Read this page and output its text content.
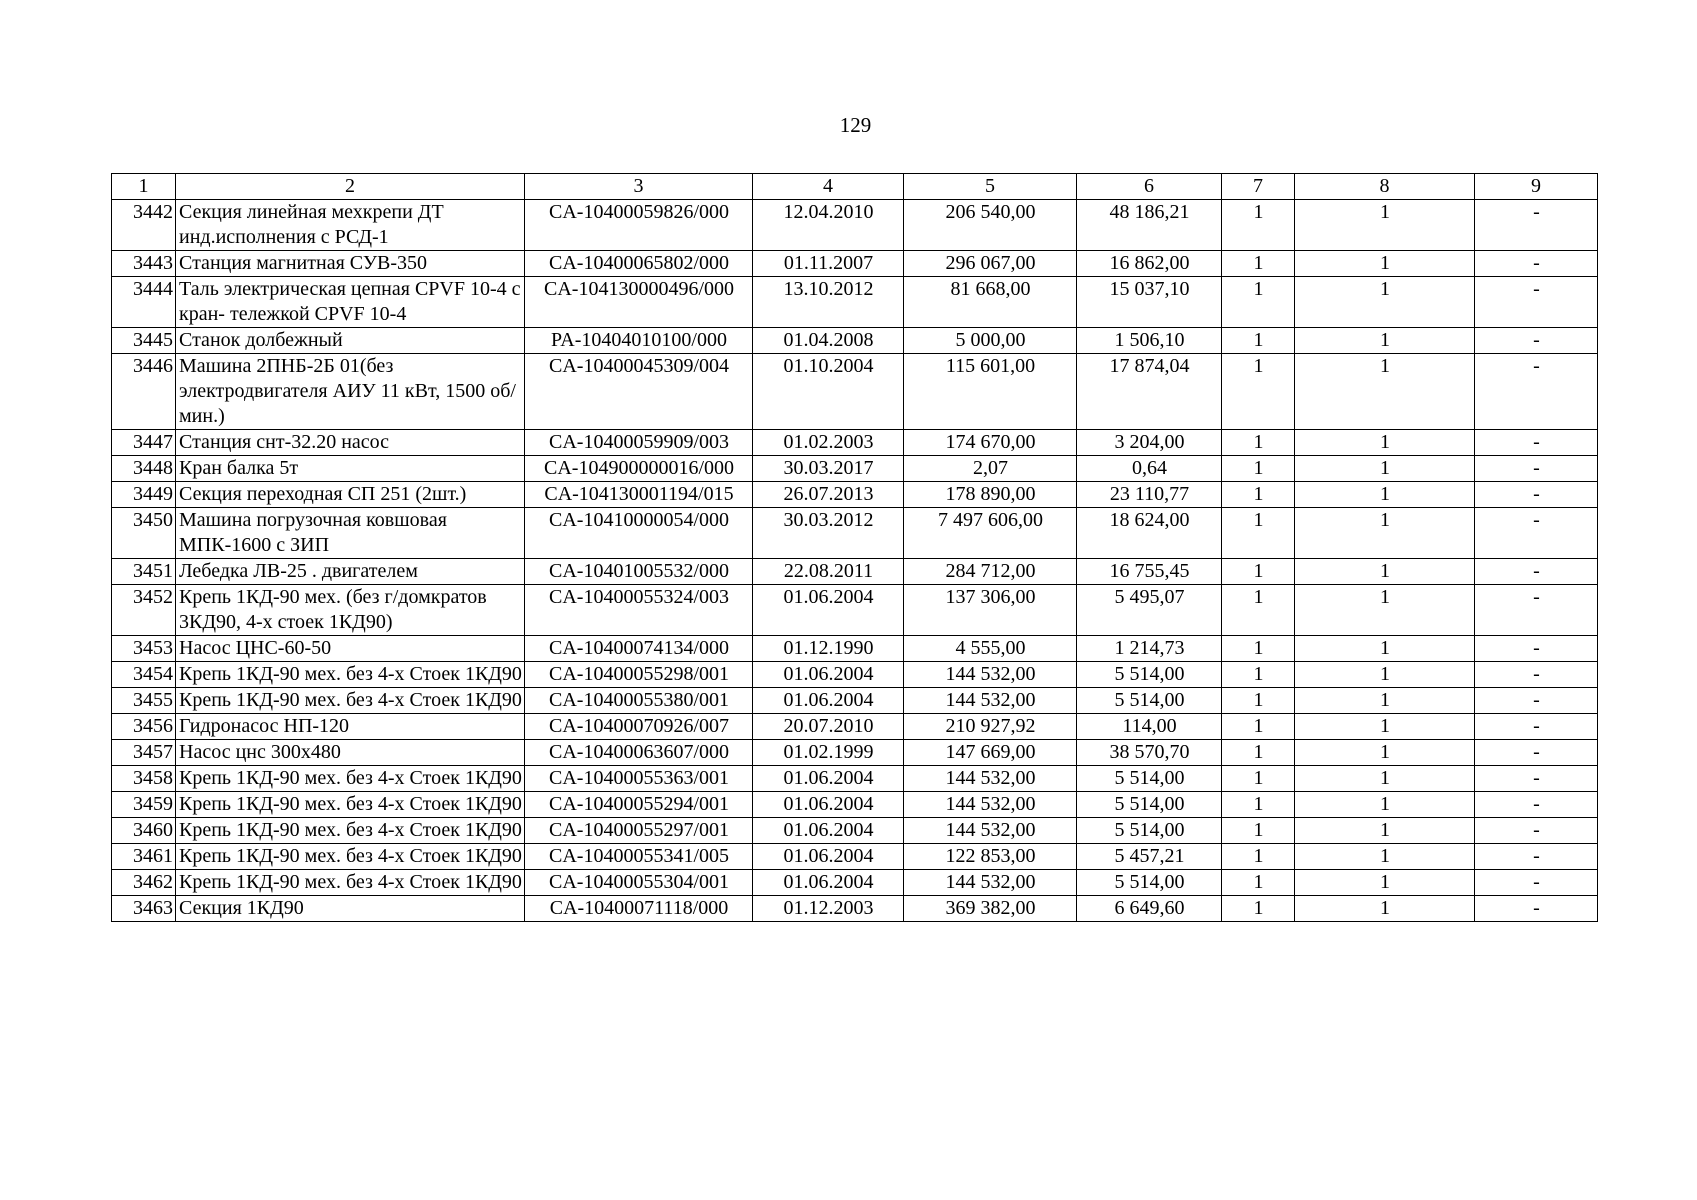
129
1	2	3	4	5	6	7	8	9
3442	Секция линейная мехкрепи ДТ инд.исполнения с РСД-1	CA-10400059826/000	12.04.2010	206 540,00	48 186,21	1	1	-
3443	Станция магнитная СУВ-350	CA-10400065802/000	01.11.2007	296 067,00	16 862,00	1	1	-
3444	Таль электрическая цепная CPVF 10-4 с кран- тележкой CPVF 10-4	CA-104130000496/000	13.10.2012	81 668,00	15 037,10	1	1	-
3445	Станок долбежный	PA-10404010100/000	01.04.2008	5 000,00	1 506,10	1	1	-
3446	Машина 2ПНБ-2Б 01(без электродвигателя АИУ 11 кВт, 1500 об/мин.)	CA-10400045309/004	01.10.2004	115 601,00	17 874,04	1	1	-
3447	Станция снт-32.20 насос	CA-10400059909/003	01.02.2003	174 670,00	3 204,00	1	1	-
3448	Кран балка 5т	CA-104900000016/000	30.03.2017	2,07	0,64	1	1	-
3449	Секция переходная СП 251 (2шт.)	CA-104130001194/015	26.07.2013	178 890,00	23 110,77	1	1	-
3450	Машина погрузочная ковшовая МПК-1600 с ЗИП	CA-10410000054/000	30.03.2012	7 497 606,00	18 624,00	1	1	-
3451	Лебедка ЛВ-25 . двигателем	CA-10401005532/000	22.08.2011	284 712,00	16 755,45	1	1	-
3452	Крепь 1КД-90 мех. (без г/домкратов 3КД90, 4-х стоек 1КД90)	CA-10400055324/003	01.06.2004	137 306,00	5 495,07	1	1	-
3453	Насос ЦНС-60-50	CA-10400074134/000	01.12.1990	4 555,00	1 214,73	1	1	-
3454	Крепь 1КД-90 мех. без 4-х Стоек 1КД90	CA-10400055298/001	01.06.2004	144 532,00	5 514,00	1	1	-
3455	Крепь 1КД-90 мех. без 4-х Стоек 1КД90	CA-10400055380/001	01.06.2004	144 532,00	5 514,00	1	1	-
3456	Гидронасос НП-120	CA-10400070926/007	20.07.2010	210 927,92	114,00	1	1	-
3457	Насос цнс 300х480	CA-10400063607/000	01.02.1999	147 669,00	38 570,70	1	1	-
3458	Крепь 1КД-90 мех. без 4-х Стоек 1КД90	CA-10400055363/001	01.06.2004	144 532,00	5 514,00	1	1	-
3459	Крепь 1КД-90 мех. без 4-х Стоек 1КД90	CA-10400055294/001	01.06.2004	144 532,00	5 514,00	1	1	-
3460	Крепь 1КД-90 мех. без 4-х Стоек 1КД90	CA-10400055297/001	01.06.2004	144 532,00	5 514,00	1	1	-
3461	Крепь 1КД-90 мех. без 4-х Стоек 1КД90	CA-10400055341/005	01.06.2004	122 853,00	5 457,21	1	1	-
3462	Крепь 1КД-90 мех. без 4-х Стоек 1КД90	CA-10400055304/001	01.06.2004	144 532,00	5 514,00	1	1	-
3463	Секция 1КД90	CA-10400071118/000	01.12.2003	369 382,00	6 649,60	1	1	-
